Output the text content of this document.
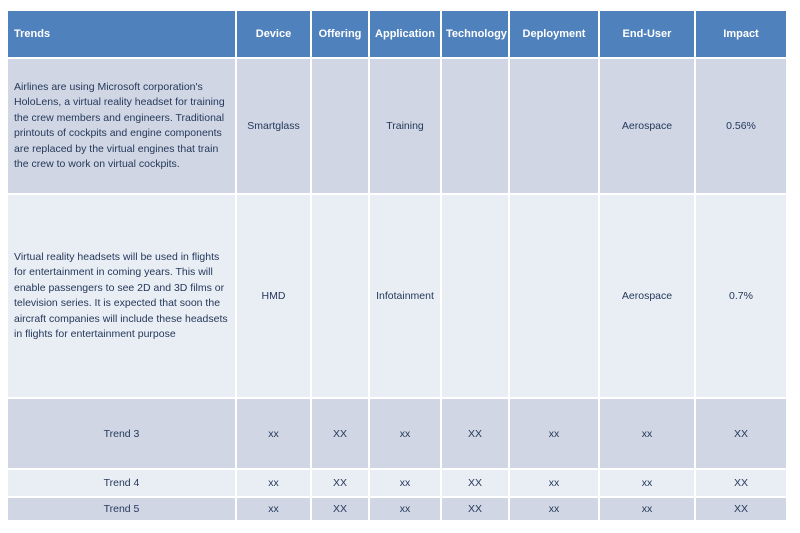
Trends	Device	Offering	Application	Technology	Deployment	End-User	Impact
Airlines are using Microsoft corporation's HoloLens, a virtual reality headset for training the crew members and engineers. Traditional printouts of cockpits and engine components are replaced by the virtual engines that train the crew to work on virtual cockpits.	Smartglass		Training			Aerospace	0.56%
Virtual reality headsets will be used in flights for entertainment in coming years. This will enable passengers to see 2D and 3D films or television series. It is expected that soon the aircraft companies will include these headsets in flights for entertainment purpose	HMD		Infotainment			Aerospace	0.7%
Trend 3	xx	XX	xx	XX	xx	xx	XX
Trend 4	xx	XX	xx	XX	xx	xx	XX
Trend 5	xx	XX	xx	XX	xx	xx	XX
